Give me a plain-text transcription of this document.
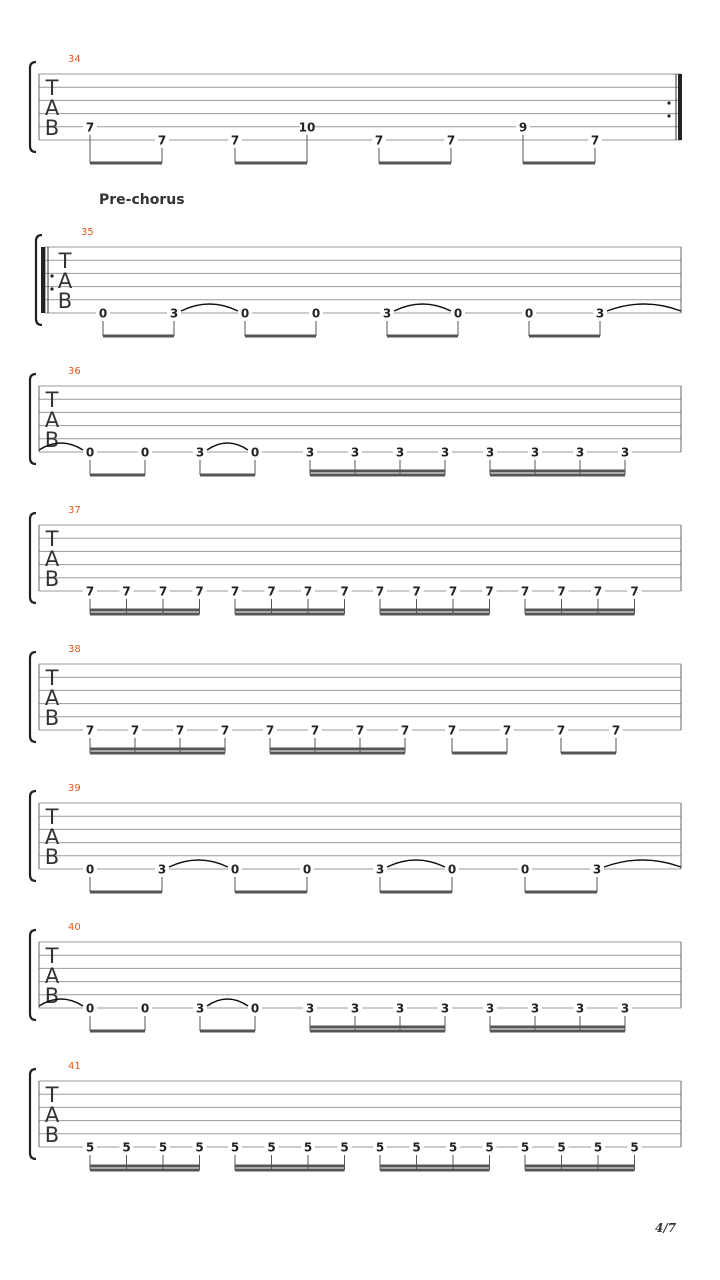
T
A
B
34
7
7	7
10
7	7
9
7
T
A
B
35
0	3	0	0	3	0	0	3
T
A
B
36
0	0	3	0	3	3	3	3	3	3	3	3
T
A
B
37
7 7 7 7 7 7 7 7 7 7 7 7 7 7 7 7
T
A
B
38
7	7	7	7	7	7	7	7	7	7	7	7
T
A
B
39
0	3	0	0	3	0	0	3
T
A
B
40
0	0	3	0	3	3	3	3	3	3	3	3
T
A
B
41
5 5 5 5 5 5 5 5 5 5 5 5 5 5 5 5
Pre-chorus
4/7
